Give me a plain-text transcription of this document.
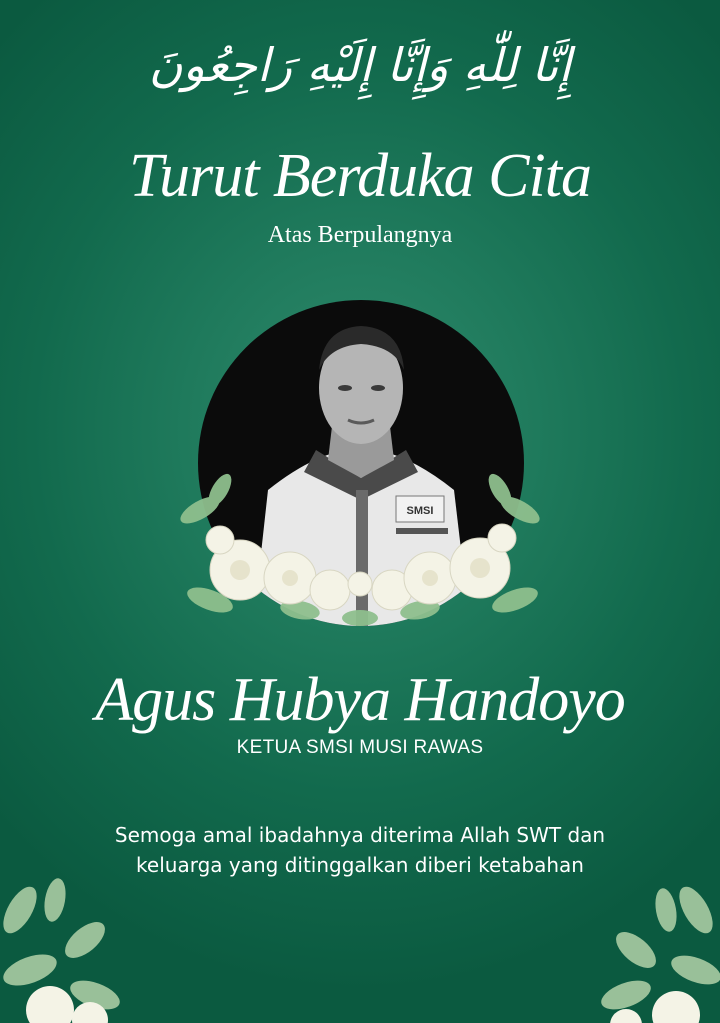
إِنَّا لِلّٰهِ وَإِنَّا إِلَيْهِ رَاجِعُونَ
Turut Berduka Cita
Atas Berpulangnya
SMSI
Agus Hubya Handoyo
KETUA SMSI MUSI RAWAS
Semoga amal ibadahnya diterima Allah SWT dan
keluarga yang ditinggalkan diberi ketabahan
